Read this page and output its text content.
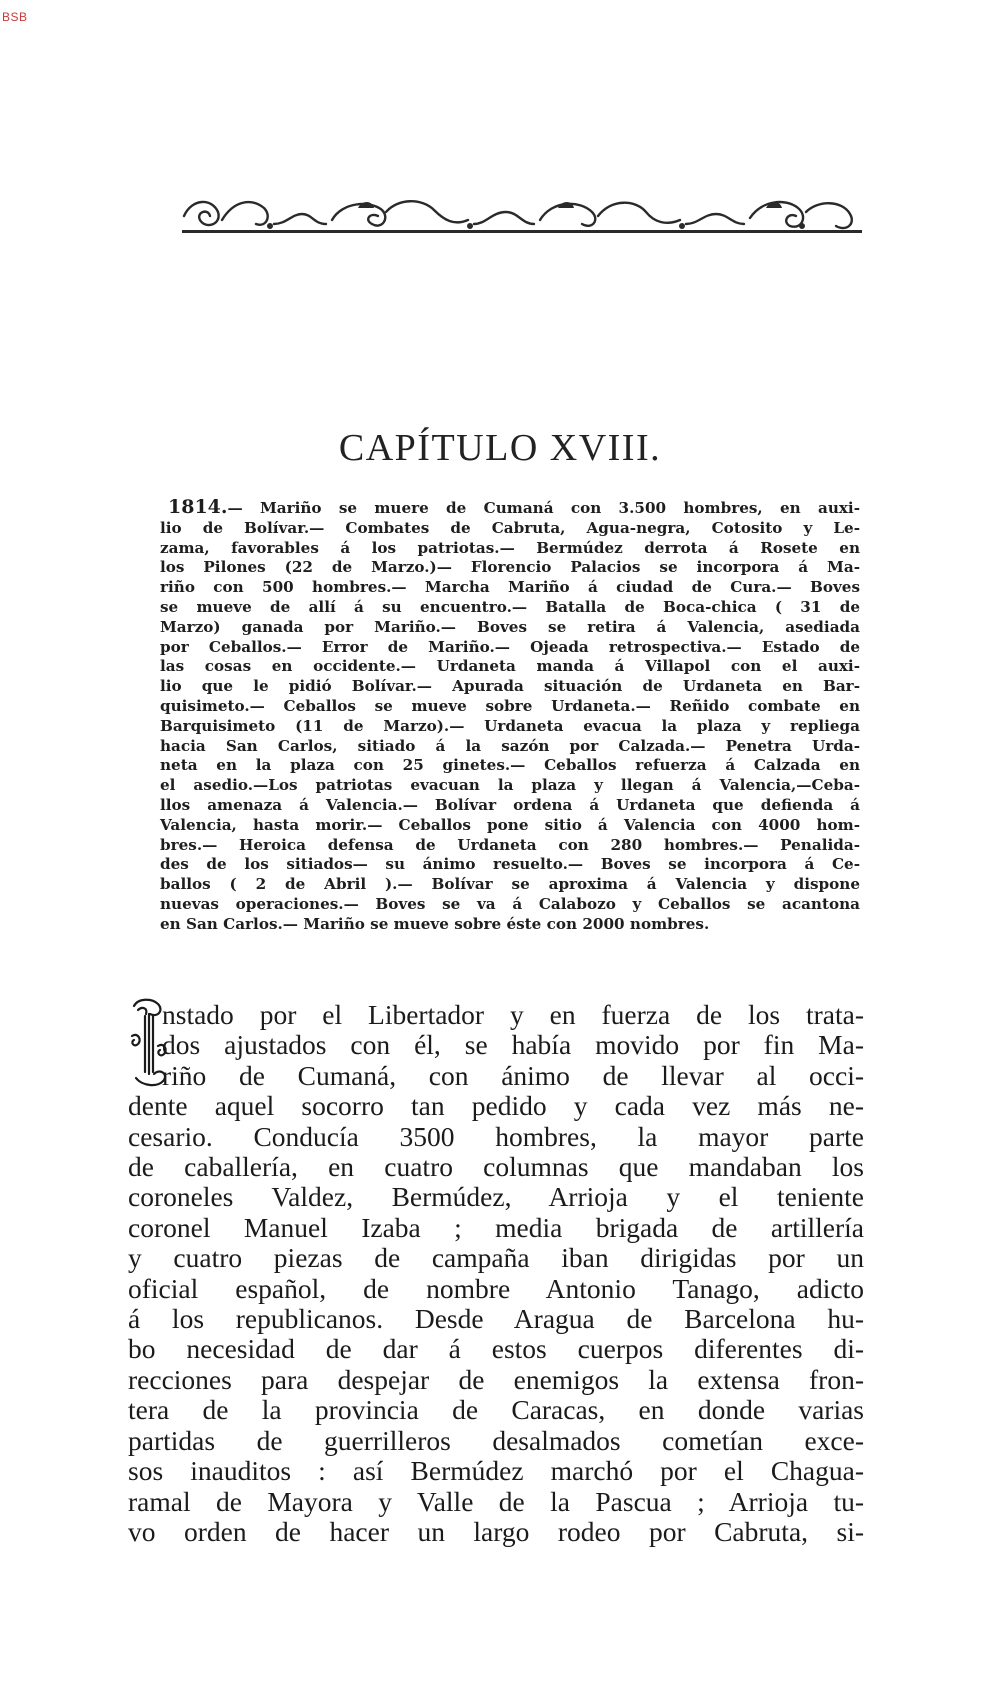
BSB
CAPÍTULO XVIII.
1814.— Mariño se muere de Cumaná con 3.500 hombres, en auxi-
lio de Bolívar.— Combates de Cabruta, Agua-negra, Cotosito y Le-
zama, favorables á los patriotas.— Bermúdez derrota á Rosete en
los Pilones (22 de Marzo.)— Florencio Palacios se incorpora á Ma-
riño con 500 hombres.— Marcha Mariño á ciudad de Cura.— Boves
se mueve de allí á su encuentro.— Batalla de Boca-chica ( 31 de
Marzo) ganada por Mariño.— Boves se retira á Valencia, asediada
por Ceballos.— Error de Mariño.— Ojeada retrospectiva.— Estado de
las cosas en occidente.— Urdaneta manda á Villapol con el auxi-
lio que le pidió Bolívar.— Apurada situación de Urdaneta en Bar-
quisimeto.— Ceballos se mueve sobre Urdaneta.— Reñido combate en
Barquisimeto (11 de Marzo).— Urdaneta evacua la plaza y repliega
hacia San Carlos, sitiado á la sazón por Calzada.— Penetra Urda-
neta en la plaza con 25 ginetes.— Ceballos refuerza á Calzada en
el asedio.—Los patriotas evacuan la plaza y llegan á Valencia,—Ceba-
llos amenaza á Valencia.— Bolívar ordena á Urdaneta que defienda á
Valencia, hasta morir.— Ceballos pone sitio á Valencia con 4000 hom-
bres.— Heroica defensa de Urdaneta con 280 hombres.— Penalida-
des de los sitiados— su ánimo resuelto.— Boves se incorpora á Ce-
ballos ( 2 de Abril ).— Bolívar se aproxima á Valencia y dispone
nuevas operaciones.— Boves se va á Calabozo y Ceballos se acantona
en San Carlos.— Mariño se mueve sobre éste con 2000 nombres.
nstado por el Libertador y en fuerza de los trata-
dos ajustados con él, se había movido por fin Ma-
riño de Cumaná, con ánimo de llevar al occi-
dente aquel socorro tan pedido y cada vez más ne-
cesario. Conducía 3500 hombres, la mayor parte
de caballería, en cuatro columnas que mandaban los
coroneles Valdez, Bermúdez, Arrioja y el teniente
coronel Manuel Izaba ; media brigada de artillería
y cuatro piezas de campaña iban dirigidas por un
oficial español, de nombre Antonio Tanago, adicto
á los republicanos. Desde Aragua de Barcelona hu-
bo necesidad de dar á estos cuerpos diferentes di-
recciones para despejar de enemigos la extensa fron-
tera de la provincia de Caracas, en donde varias
partidas de guerrilleros desalmados cometían exce-
sos inauditos : así Bermúdez marchó por el Chagua-
ramal de Mayora y Valle de la Pascua ; Arrioja tu-
vo orden de hacer un largo rodeo por Cabruta, si-
